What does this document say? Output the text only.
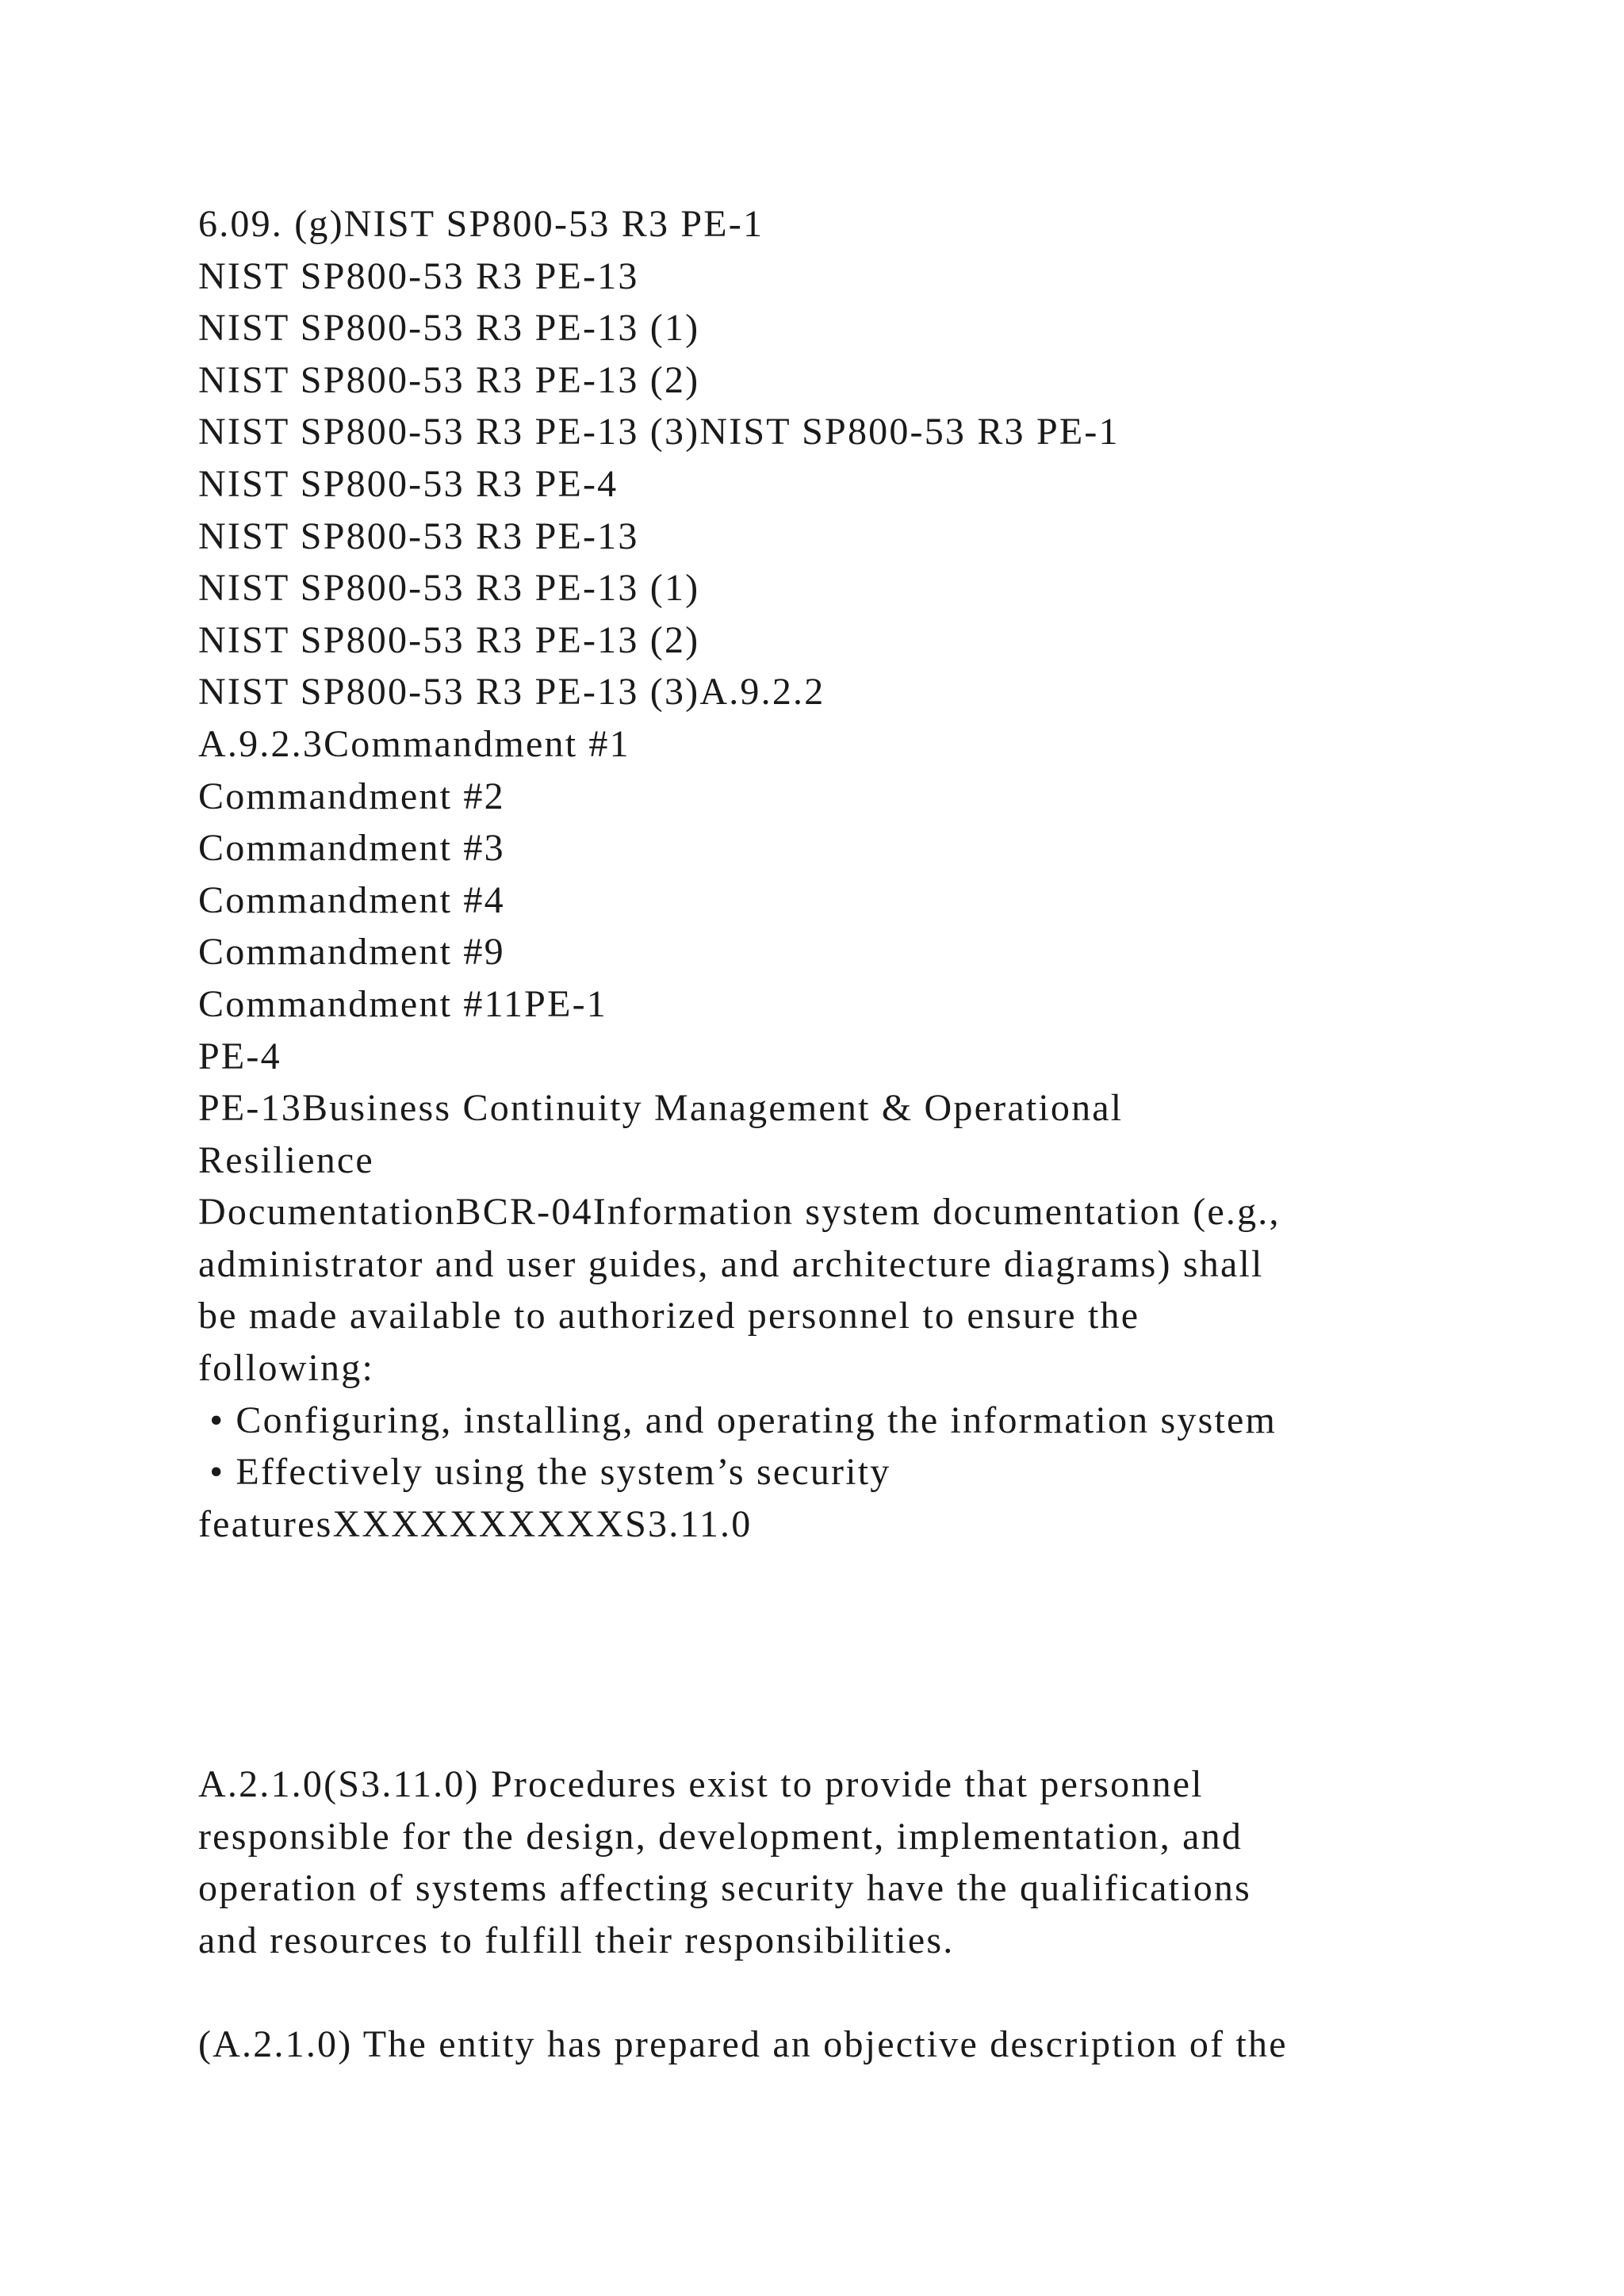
6.09. (g)NIST SP800-53 R3 PE-1
NIST SP800-53 R3 PE-13
NIST SP800-53 R3 PE-13 (1)
NIST SP800-53 R3 PE-13 (2)
NIST SP800-53 R3 PE-13 (3)NIST SP800-53 R3 PE-1
NIST SP800-53 R3 PE-4
NIST SP800-53 R3 PE-13
NIST SP800-53 R3 PE-13 (1)
NIST SP800-53 R3 PE-13 (2)
NIST SP800-53 R3 PE-13 (3)A.9.2.2
A.9.2.3Commandment #1
Commandment #2
Commandment #3
Commandment #4
Commandment #9
Commandment #11PE-1
PE-4
PE-13Business Continuity Management & Operational
Resilience
DocumentationBCR-04Information system documentation (e.g.,
administrator and user guides, and architecture diagrams) shall
be made available to authorized personnel to ensure the
following:
• Configuring, installing, and operating the information system
• Effectively using the system’s security
featuresXXXXXXXXXXS3.11.0
A.2.1.0(S3.11.0) Procedures exist to provide that personnel
responsible for the design, development, implementation, and
operation of systems affecting security have the qualifications
and resources to fulfill their responsibilities.
(A.2.1.0) The entity has prepared an objective description of the
